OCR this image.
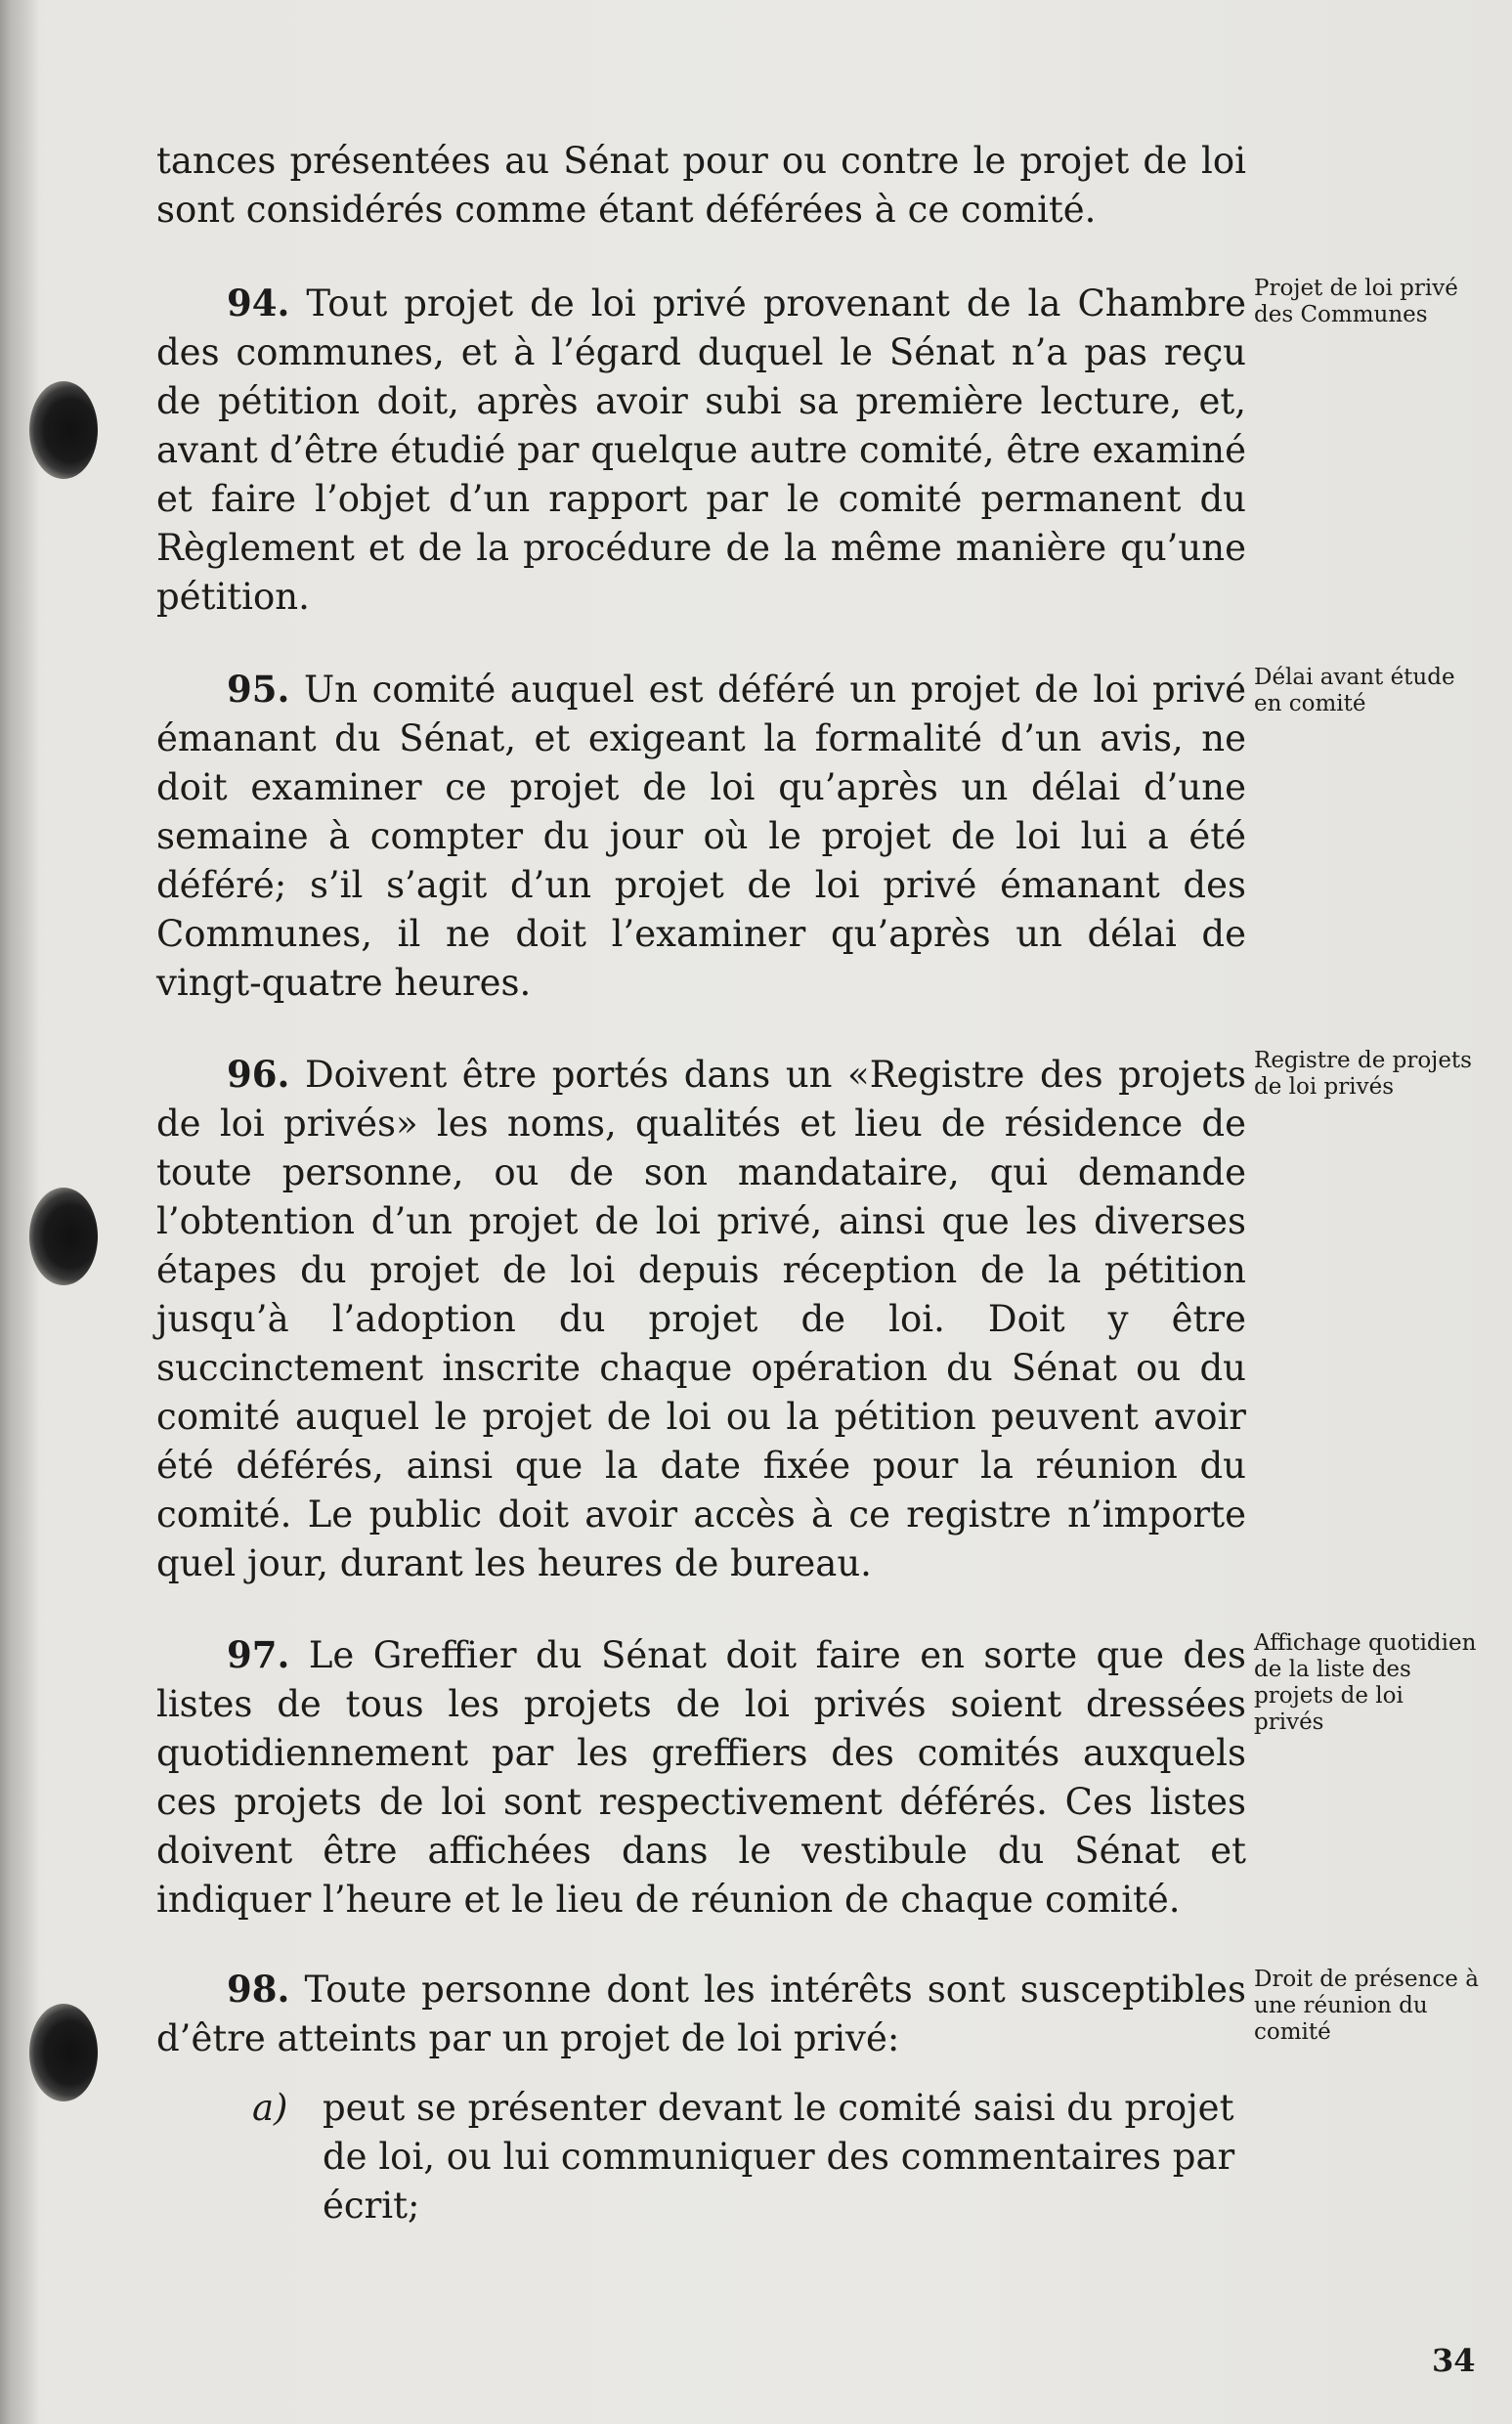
tances présentées au Sénat pour ou contre le projet de loi sont considérés comme étant déférées à ce comité.

94. Tout projet de loi privé provenant de la Chambre des communes, et à l’égard duquel le Sénat n’a pas reçu de pétition doit, après avoir subi sa première lecture, et, avant d’être étudié par quelque autre comité, être examiné et faire l’objet d’un rapport par le comité permanent du Règlement et de la procédure de la même manière qu’une pétition.

Projet de loi privé des Communes

95. Un comité auquel est déféré un projet de loi privé émanant du Sénat, et exigeant la formalité d’un avis, ne doit examiner ce projet de loi qu’après un délai d’une semaine à compter du jour où le projet de loi lui a été déféré; s’il s’agit d’un projet de loi privé émanant des Communes, il ne doit l’examiner qu’après un délai de vingt-quatre heures.

Délai avant étude en comité

96. Doivent être portés dans un «Registre des projets de loi privés» les noms, qualités et lieu de résidence de toute personne, ou de son mandataire, qui demande l’obtention d’un projet de loi privé, ainsi que les diverses étapes du projet de loi depuis réception de la pétition jusqu’à l’adoption du projet de loi. Doit y être succinctement inscrite chaque opération du Sénat ou du comité auquel le projet de loi ou la pétition peuvent avoir été déférés, ainsi que la date fixée pour la réunion du comité. Le public doit avoir accès à ce registre n’importe quel jour, durant les heures de bureau.

Registre de projets de loi privés

97. Le Greffier du Sénat doit faire en sorte que des listes de tous les projets de loi privés soient dressées quotidiennement par les greffiers des comités auxquels ces projets de loi sont respectivement déférés. Ces listes doivent être affichées dans le vestibule du Sénat et indiquer l’heure et le lieu de réunion de chaque comité.

Affichage quotidien de la liste des projets de loi privés

98. Toute personne dont les intérêts sont susceptibles d’être atteints par un projet de loi privé:

Droit de présence à une réunion du comité
a) peut se présenter devant le comité saisi du projet de loi, ou lui communiquer des commentaires par écrit;
34
